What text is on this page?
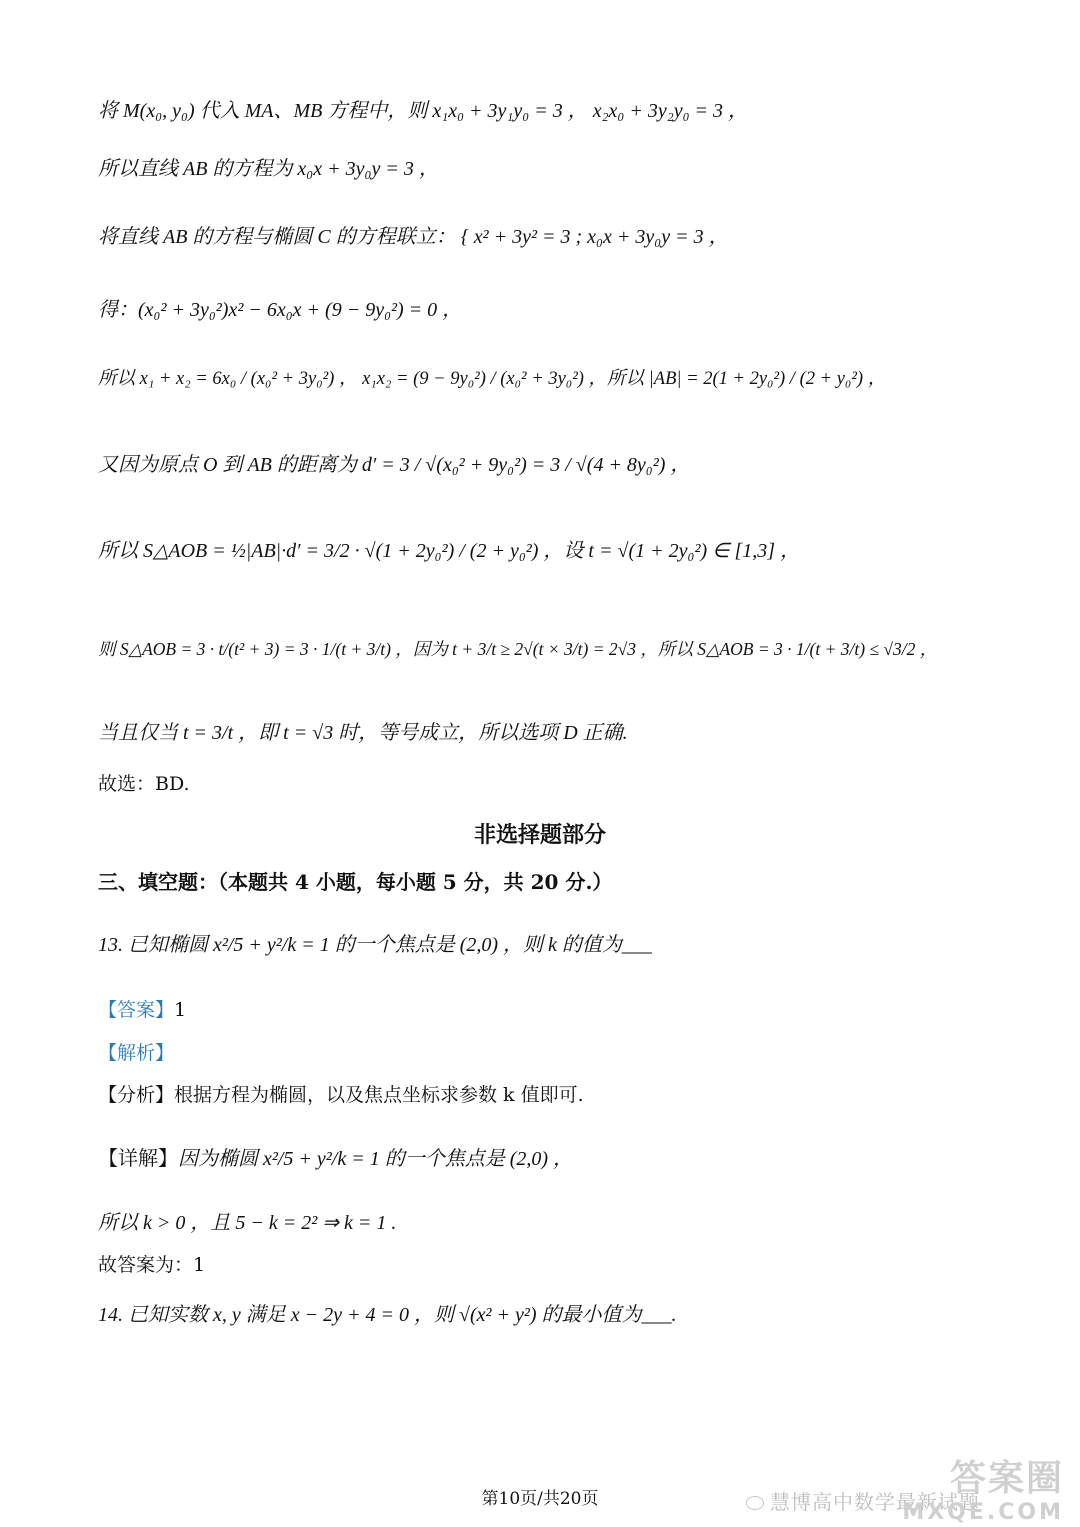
将 M(x₀, y₀) 代入 MA、MB 方程中，则 x₁x₀ + 3y₁y₀ = 3 ， x₂x₀ + 3y₂y₀ = 3 ，
所以直线 AB 的方程为 x₀x + 3y₀y = 3 ，
将直线 AB 的方程与椭圆 C 的方程联立： { x² + 3y² = 3 ; x₀x + 3y₀y = 3 ，
得：(x₀² + 3y₀²)x² − 6x₀x + (9 − 9y₀²) = 0 ，
所以 x₁ + x₂ = 6x₀ / (x₀² + 3y₀²) ， x₁x₂ = (9 − 9y₀²) / (x₀² + 3y₀²) ，所以 |AB| = 2(1 + 2y₀²) / (2 + y₀²) ，
又因为原点 O 到 AB 的距离为 d′ = 3 / √(x₀² + 9y₀²) = 3 / √(4 + 8y₀²) ，
所以 S△AOB = ½|AB|·d′ = 3/2 · √(1 + 2y₀²) / (2 + y₀²) ，设 t = √(1 + 2y₀²) ∈ [1,3] ，
则 S△AOB = 3 · t/(t² + 3) = 3 · 1/(t + 3/t) ，因为 t + 3/t ≥ 2√(t × 3/t) = 2√3 ，所以 S△AOB = 3 · 1/(t + 3/t) ≤ √3/2 ，
当且仅当 t = 3/t ，即 t = √3 时，等号成立，所以选项 D 正确.
故选：BD.
非选择题部分
三、填空题：（本题共 4 小题，每小题 5 分，共 20 分.）
13. 已知椭圆 x²/5 + y²/k = 1 的一个焦点是 (2,0) ，则 k 的值为___
【答案】1
【解析】
【分析】根据方程为椭圆，以及焦点坐标求参数 k 值即可.
【详解】因为椭圆 x²/5 + y²/k = 1 的一个焦点是 (2,0) ，
所以 k > 0 ，且 5 − k = 2² ⇒ k = 1 .
故答案为：1
14. 已知实数 x, y 满足 x − 2y + 4 = 0 ，则 √(x² + y²) 的最小值为___.
第10页/共20页	答案圈
慧博高中数学最新试题
MXQE.COM
